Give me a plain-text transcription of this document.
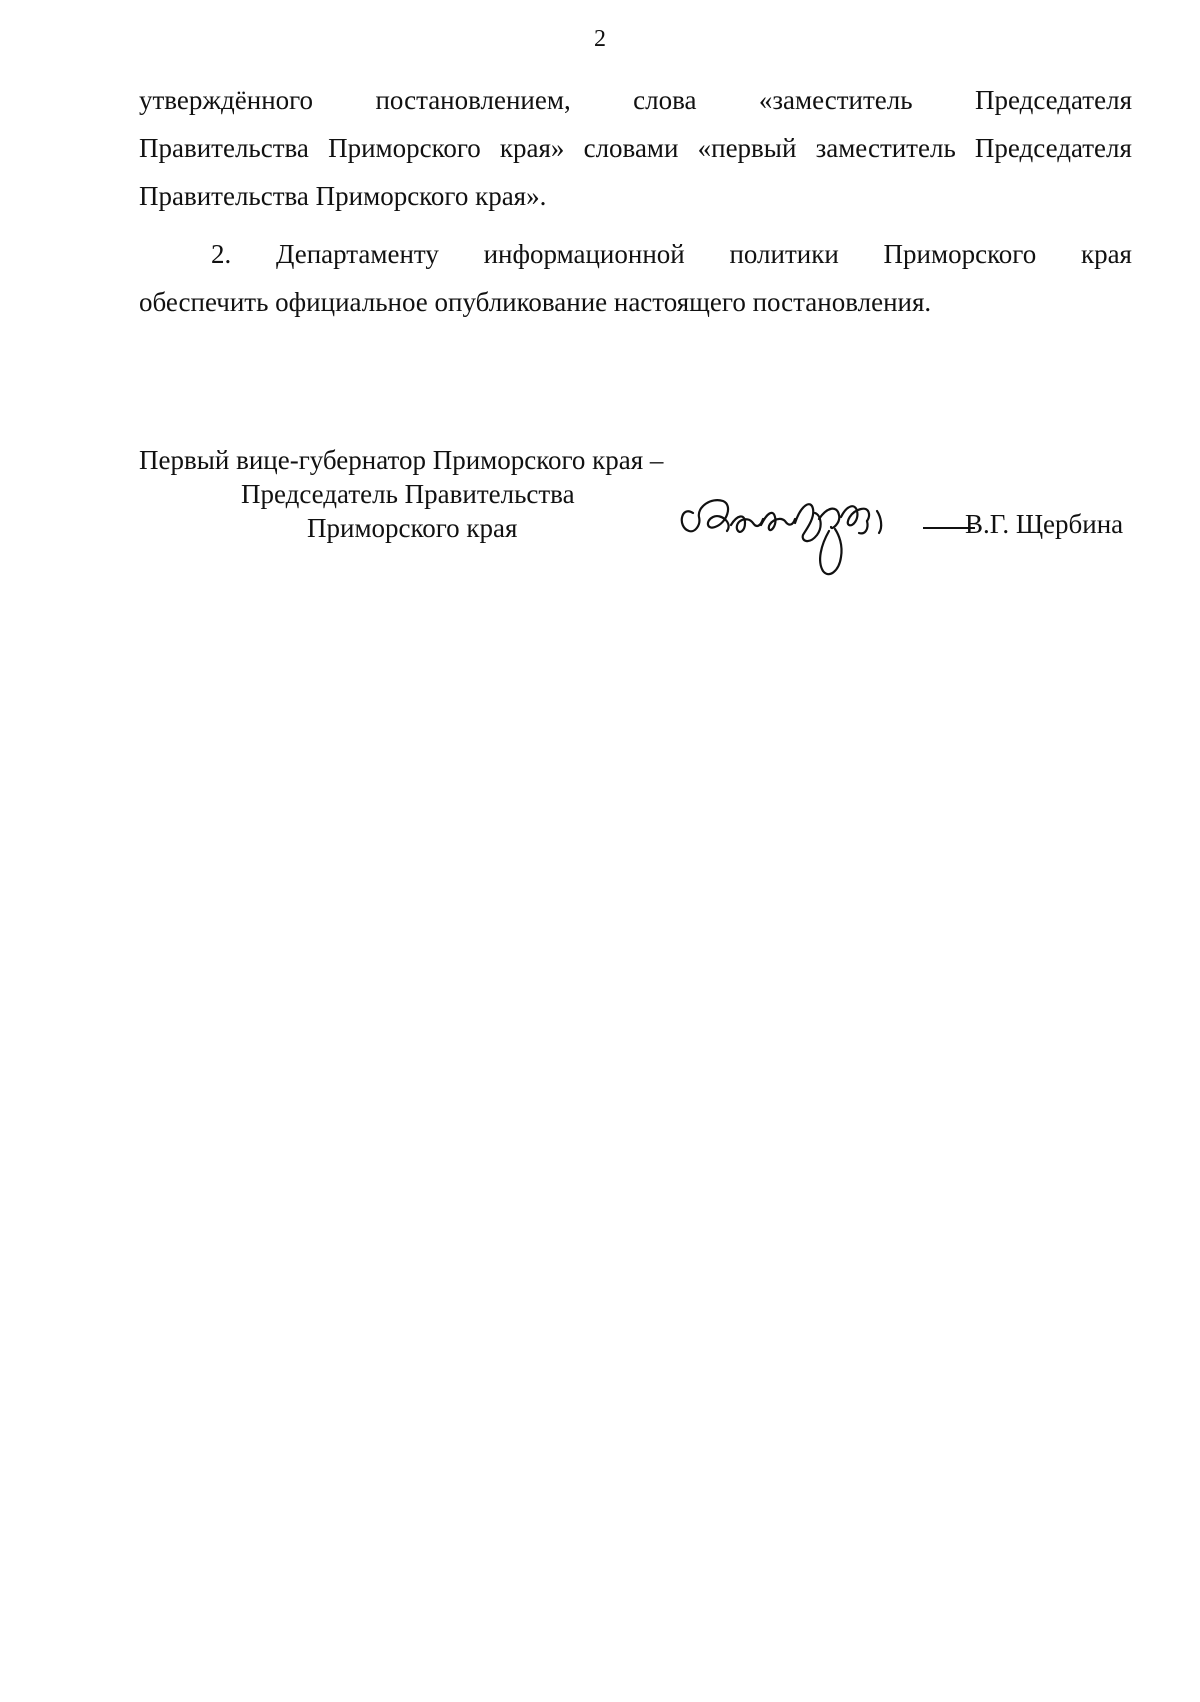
2

утверждённого постановлением, слова «заместитель Председателя
Правительства Приморского края» словами «первый заместитель Председателя
Правительства Приморского края».

2. Департаменту информационной политики Приморского края
обеспечить официальное опубликование настоящего постановления.

Первый вице-губернатор Приморского края –
Председатель Правительства
Приморского края	В.Г. Щербина
